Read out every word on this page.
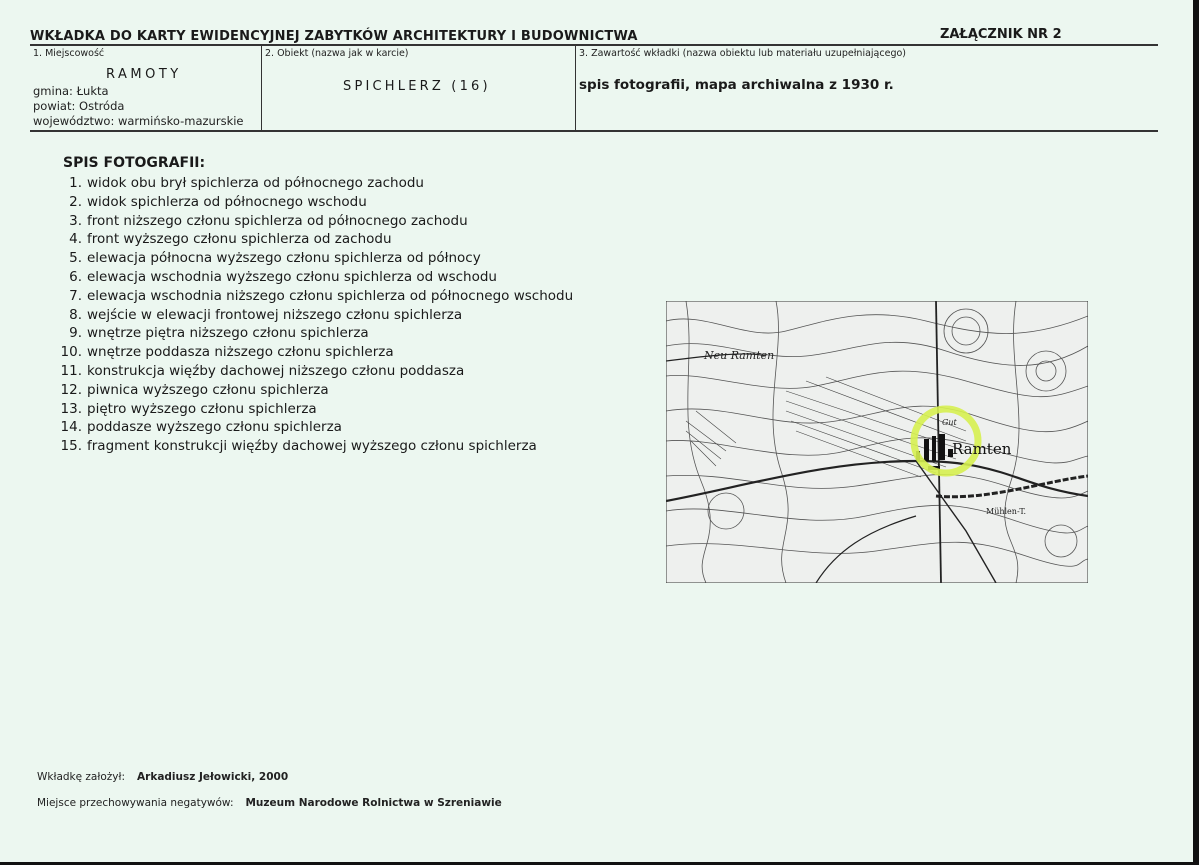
WKŁADKA DO KARTY EWIDENCYJNEJ ZABYTKÓW ARCHITEKTURY I BUDOWNICTWA	ZAŁĄCZNIK NR 2
1. Miejscowość
RAMOTY
gmina: Łukta
powiat: Ostróda
województwo: warmińsko-mazurskie
2. Obiekt (nazwa jak w karcie)
SPICHLERZ (16)
3. Zawartość wkładki (nazwa obiektu lub materiału uzupełniającego)
spis fotografii, mapa archiwalna z 1930 r.
SPIS FOTOGRAFII:
1. widok obu brył spichlerza od północnego zachodu
2. widok spichlerza od północnego wschodu
3. front niższego członu spichlerza od północnego zachodu
4. front wyższego członu spichlerza od zachodu
5. elewacja północna wyższego członu spichlerza od północy
6. elewacja wschodnia wyższego członu spichlerza od wschodu
7. elewacja wschodnia niższego członu spichlerza od północnego wschodu
8. wejście w elewacji frontowej niższego członu spichlerza
9. wnętrze piętra niższego członu spichlerza
10. wnętrze poddasza niższego członu spichlerza
11. konstrukcja więźby dachowej niższego członu poddasza
12. piwnica wyższego członu spichlerza
13. piętro wyższego członu spichlerza
14. poddasze wyższego członu spichlerza
15. fragment konstrukcji więźby dachowej wyższego członu spichlerza
Neu Ramten
Ramten
Gut
Mühlen-T.
Wkładkę założył: Arkadiusz Jełowicki, 2000
Miejsce przechowywania negatywów: Muzeum Narodowe Rolnictwa w Szreniawie
